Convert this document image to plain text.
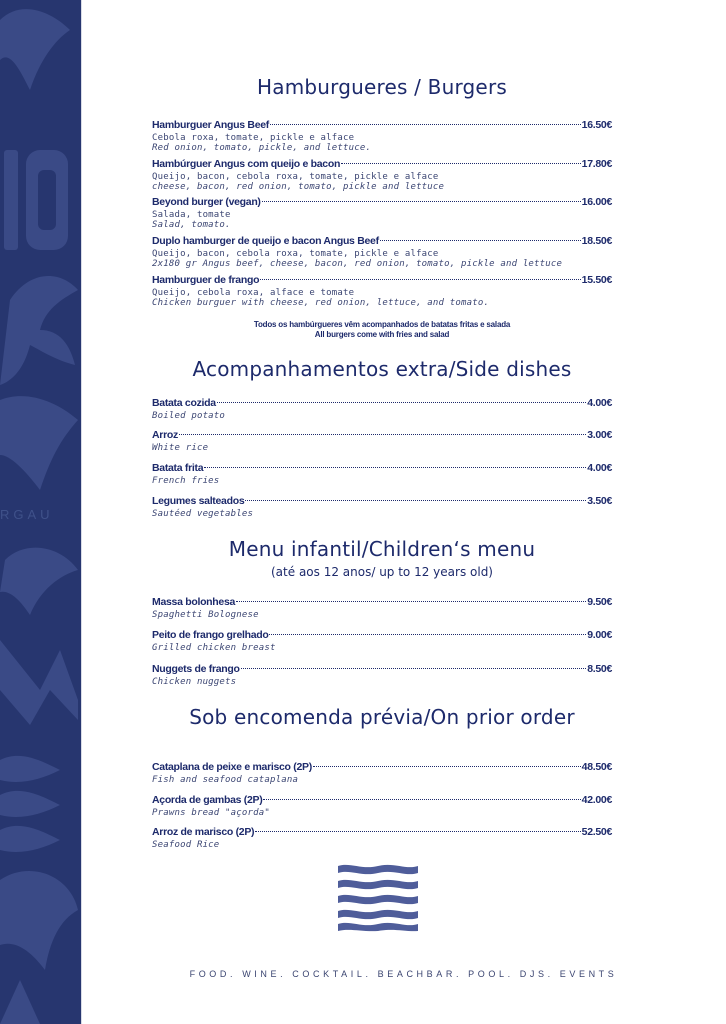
RGAU
Hamburgueres / Burgers
Hamburguer Angus Beef	16.50€
Cebola roxa, tomate, pickle e alface
Red onion, tomato, pickle, and lettuce.
Hambúrguer Angus com queijo e bacon	17.80€
Queijo, bacon, cebola roxa, tomate, pickle e alface
cheese, bacon, red onion, tomato, pickle and lettuce
Beyond burger (vegan)	16.00€
Salada, tomate
Salad, tomato.
Duplo hamburger de queijo e bacon Angus Beef	18.50€
Queijo, bacon, cebola roxa, tomate, pickle e alface
2x180 gr Angus beef, cheese, bacon, red onion, tomato, pickle and lettuce
Hamburguer de frango	15.50€
Queijo, cebola roxa, alface e tomate
Chicken burguer with cheese, red onion, lettuce, and tomato.
Todos os hambúrgueres vêm acompanhados de batatas fritas e salada
All burgers come with fries and salad
Acompanhamentos extra/Side dishes
Batata cozida	4.00€
Boiled potato
Arroz	3.00€
White rice
Batata frita	4.00€
French fries
Legumes salteados	3.50€
Sautéed vegetables
Menu infantil/Children‘s menu
(até aos 12 anos/ up to 12 years old)
Massa bolonhesa	9.50€
Spaghetti Bolognese
Peito de frango grelhado	9.00€
Grilled chicken breast
Nuggets de frango	8.50€
Chicken nuggets
Sob encomenda prévia/On prior order
Cataplana de peixe e marisco (2P)	48.50€
Fish and seafood cataplana
Açorda de gambas (2P)	42.00€
Prawns bread "açorda"
Arroz de marisco (2P)	52.50€
Seafood Rice
FOOD. WINE. COCKTAIL. BEACHBAR. POOL. DJS. EVENTS
